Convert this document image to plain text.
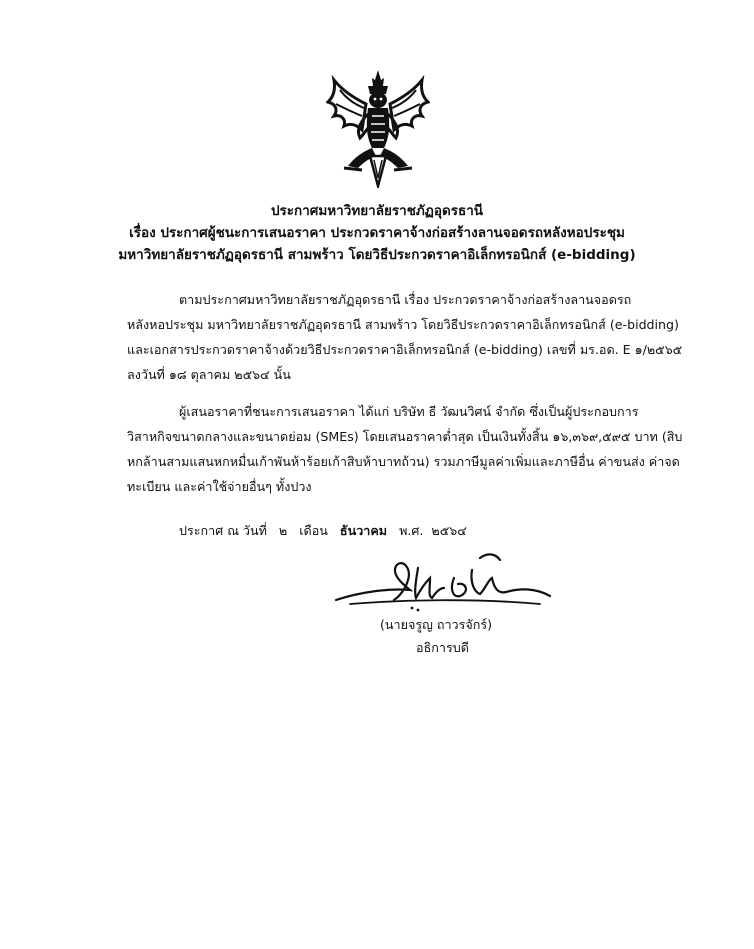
ประกาศมหาวิทยาลัยราชภัฏอุดรธานี
เรื่อง ประกาศผู้ชนะการเสนอราคา ประกวดราคาจ้างก่อสร้างลานจอดรถหลังหอประชุม
มหาวิทยาลัยราชภัฏอุดรธานี สามพร้าว โดยวิธีประกวดราคาอิเล็กทรอนิกส์ (e-bidding)
ตามประกาศมหาวิทยาลัยราชภัฏอุดรธานี เรื่อง ประกวดราคาจ้างก่อสร้างลานจอดรถ
หลังหอประชุม มหาวิทยาลัยราชภัฏอุดรธานี สามพร้าว โดยวิธีประกวดราคาอิเล็กทรอนิกส์ (e-bidding)
และเอกสารประกวดราคาจ้างด้วยวิธีประกวดราคาอิเล็กทรอนิกส์ (e-bidding) เลขที่ มร.อด. E ๑/๒๕๖๕
ลงวันที่ ๑๘ ตุลาคม ๒๕๖๔ นั้น
ผู้เสนอราคาที่ชนะการเสนอราคา ได้แก่ บริษัท ธี วัฒนวิศน์ จำกัด ซึ่งเป็นผู้ประกอบการ
วิสาหกิจขนาดกลางและขนาดย่อม (SMEs) โดยเสนอราคาต่ำสุด เป็นเงินทั้งสิ้น ๑๖,๓๖๙,๕๙๕ บาท (สิบ
หกล้านสามแสนหกหมื่นเก้าพันห้าร้อยเก้าสิบห้าบาทถ้วน) รวมภาษีมูลค่าเพิ่มและภาษีอื่น ค่าขนส่ง ค่าจด
ทะเบียน และค่าใช้จ่ายอื่นๆ ทั้งปวง
ประกาศ ณ วันที่ ๒ เดือน ธันวาคม พ.ศ. ๒๕๖๔
(นายจรูญ ถาวรจักร์)
อธิการบดี
